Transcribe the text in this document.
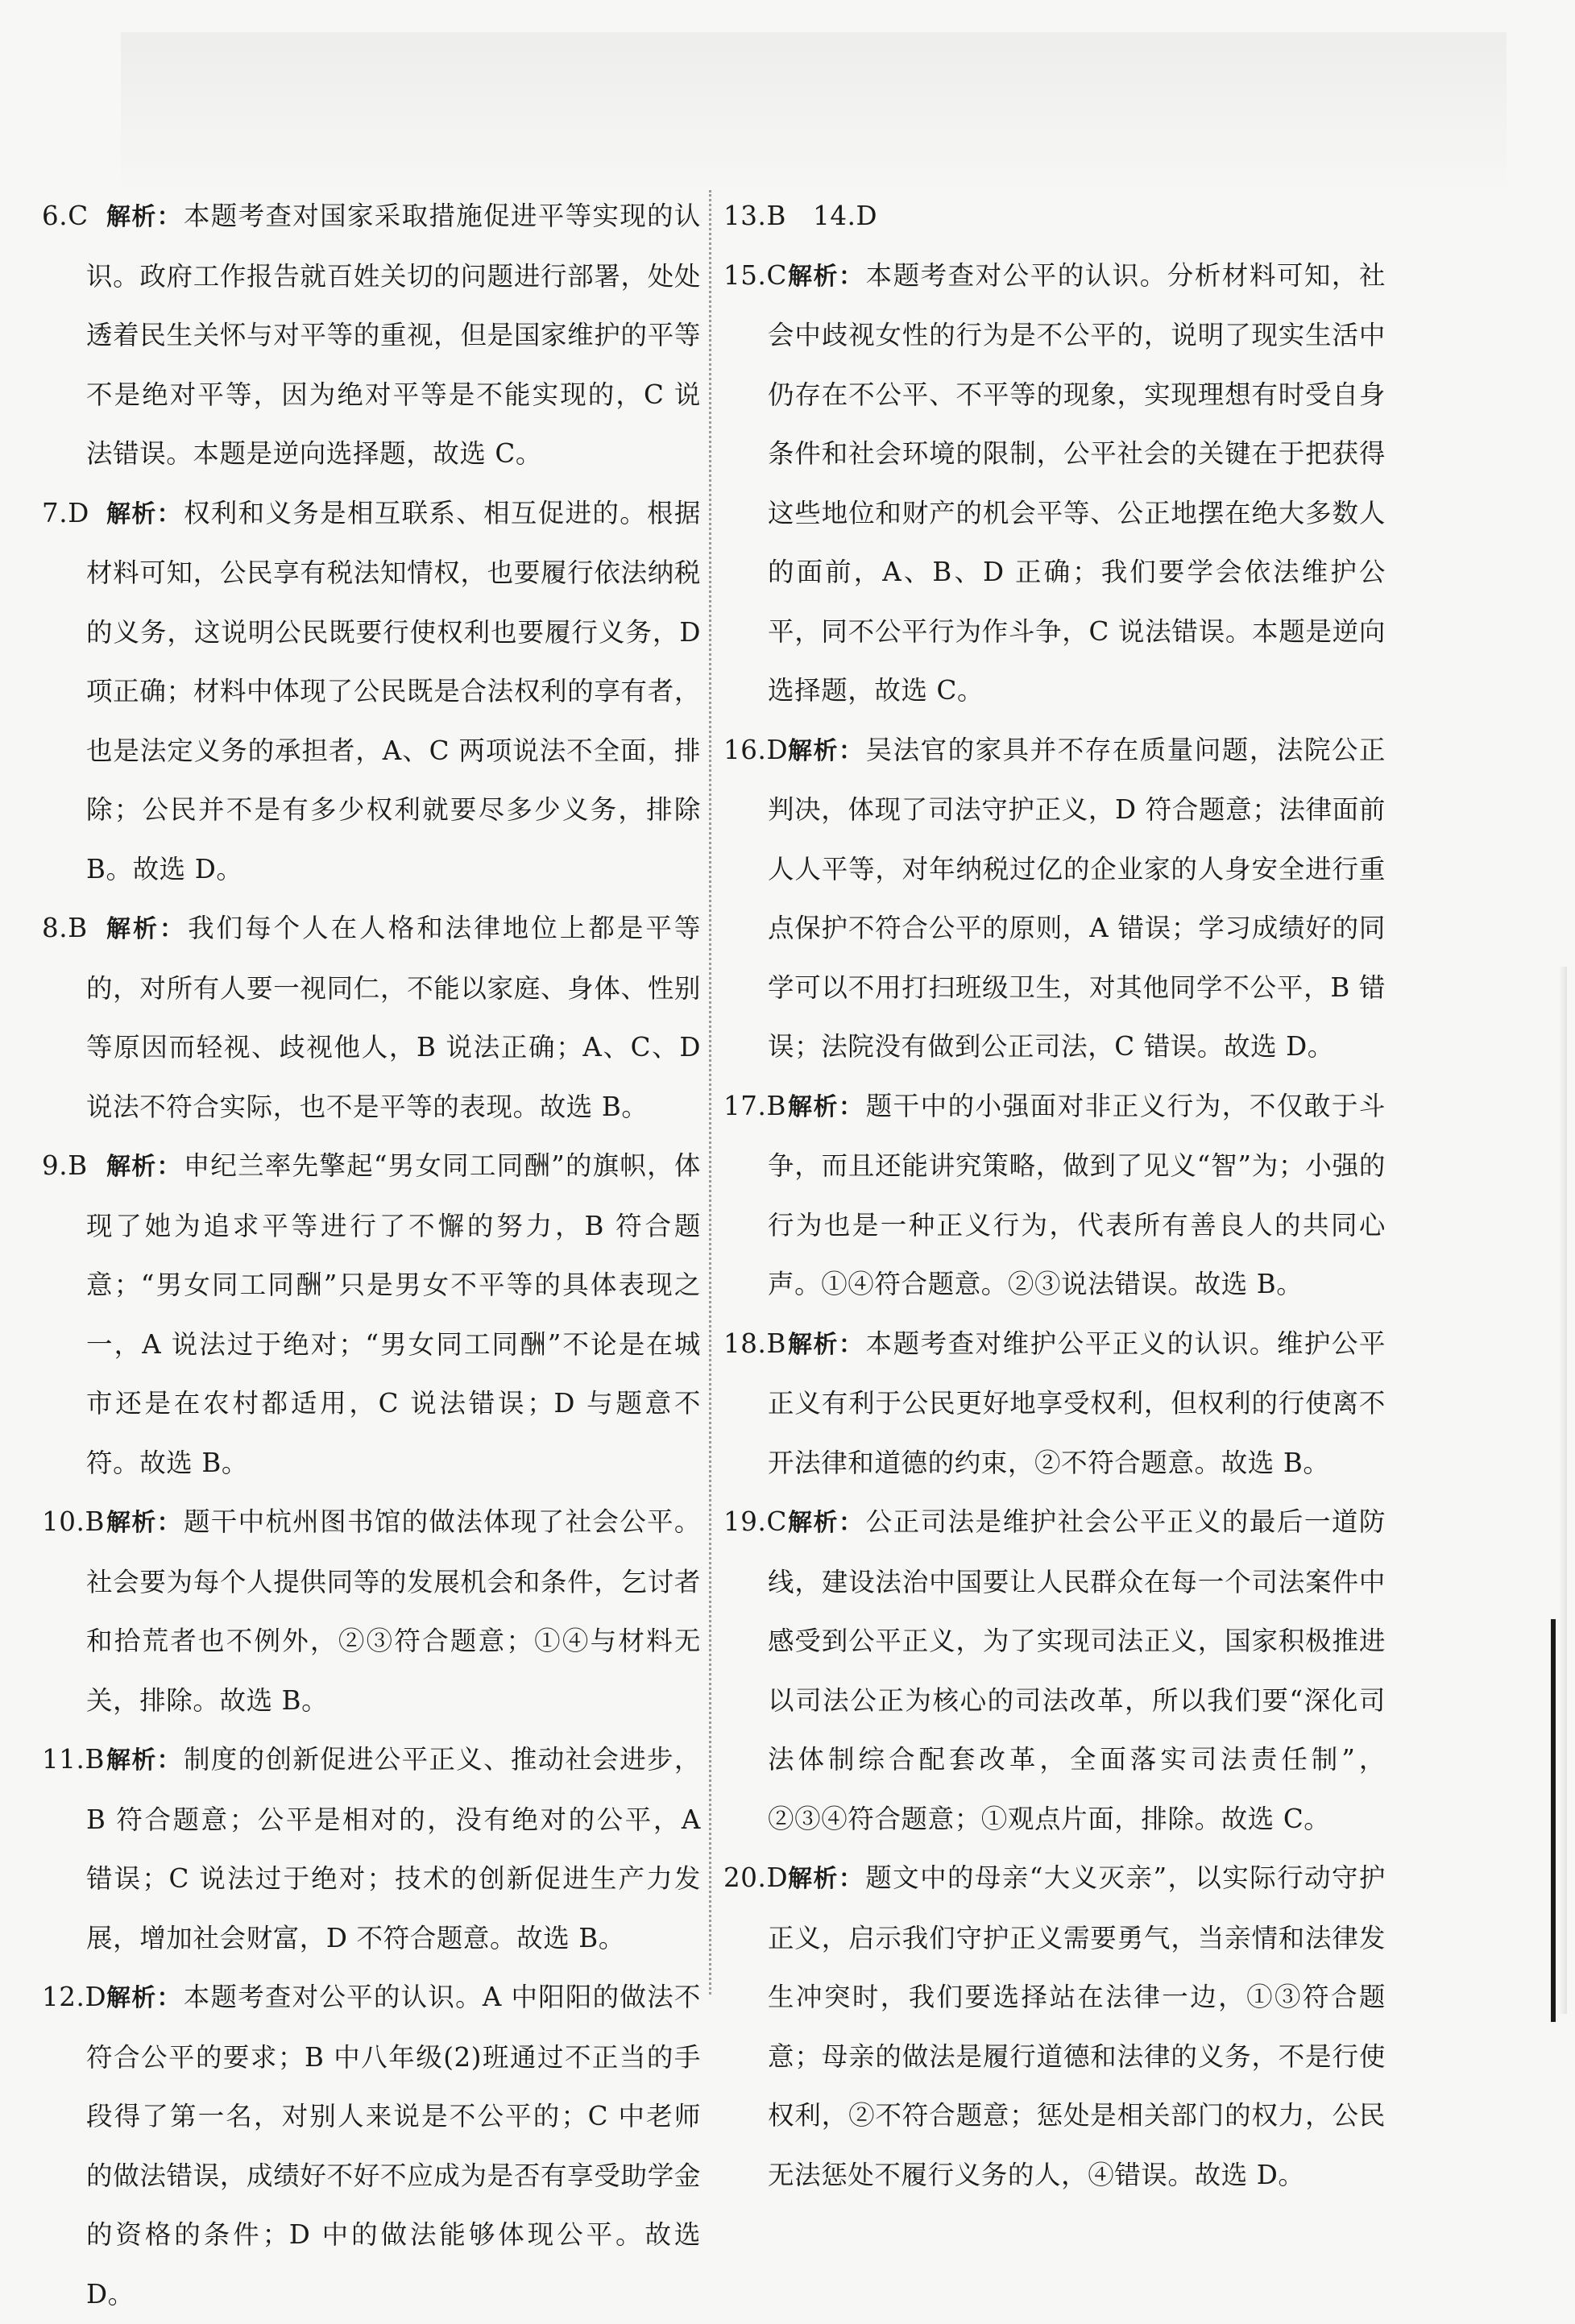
6.C 解析：本题考查对国家采取措施促进平等实现的认识。政府工作报告就百姓关切的问题进行部署，处处透着民生关怀与对平等的重视，但是国家维护的平等不是绝对平等，因为绝对平等是不能实现的，C 说法错误。本题是逆向选择题，故选 C。
7.D 解析：权利和义务是相互联系、相互促进的。根据材料可知，公民享有税法知情权，也要履行依法纳税的义务，这说明公民既要行使权利也要履行义务，D 项正确；材料中体现了公民既是合法权利的享有者，也是法定义务的承担者，A、C 两项说法不全面，排除；公民并不是有多少权利就要尽多少义务，排除 B。故选 D。
8.B 解析：我们每个人在人格和法律地位上都是平等的，对所有人要一视同仁，不能以家庭、身体、性别等原因而轻视、歧视他人，B 说法正确；A、C、D 说法不符合实际，也不是平等的表现。故选 B。
9.B 解析：申纪兰率先擎起“男女同工同酬”的旗帜，体现了她为追求平等进行了不懈的努力，B 符合题意；“男女同工同酬”只是男女不平等的具体表现之一，A 说法过于绝对；“男女同工同酬”不论是在城市还是在农村都适用，C 说法错误；D 与题意不符。故选 B。
10.B 解析：题干中杭州图书馆的做法体现了社会公平。社会要为每个人提供同等的发展机会和条件，乞讨者和拾荒者也不例外，②③符合题意；①④与材料无关，排除。故选 B。
11.B 解析：制度的创新促进公平正义、推动社会进步，B 符合题意；公平是相对的，没有绝对的公平，A 错误；C 说法过于绝对；技术的创新促进生产力发展，增加社会财富，D 不符合题意。故选 B。
12.D 解析：本题考查对公平的认识。A 中阳阳的做法不符合公平的要求；B 中八年级(2)班通过不正当的手段得了第一名，对别人来说是不公平的；C 中老师的做法错误，成绩好不好不应成为是否有享受助学金的资格的条件；D 中的做法能够体现公平。故选 D。
13.B　14.D
15.C 解析：本题考查对公平的认识。分析材料可知，社会中歧视女性的行为是不公平的，说明了现实生活中仍存在不公平、不平等的现象，实现理想有时受自身条件和社会环境的限制，公平社会的关键在于把获得这些地位和财产的机会平等、公正地摆在绝大多数人的面前，A、B、D 正确；我们要学会依法维护公平，同不公平行为作斗争，C 说法错误。本题是逆向选择题，故选 C。
16.D 解析：吴法官的家具并不存在质量问题，法院公正判决，体现了司法守护正义，D 符合题意；法律面前人人平等，对年纳税过亿的企业家的人身安全进行重点保护不符合公平的原则，A 错误；学习成绩好的同学可以不用打扫班级卫生，对其他同学不公平，B 错误；法院没有做到公正司法，C 错误。故选 D。
17.B 解析：题干中的小强面对非正义行为，不仅敢于斗争，而且还能讲究策略，做到了见义“智”为；小强的行为也是一种正义行为，代表所有善良人的共同心声。①④符合题意。②③说法错误。故选 B。
18.B 解析：本题考查对维护公平正义的认识。维护公平正义有利于公民更好地享受权利，但权利的行使离不开法律和道德的约束，②不符合题意。故选 B。
19.C 解析：公正司法是维护社会公平正义的最后一道防线，建设法治中国要让人民群众在每一个司法案件中感受到公平正义，为了实现司法正义，国家积极推进以司法公正为核心的司法改革，所以我们要“深化司法体制综合配套改革，全面落实司法责任制”，②③④符合题意；①观点片面，排除。故选 C。
20.D 解析：题文中的母亲“大义灭亲”，以实际行动守护正义，启示我们守护正义需要勇气，当亲情和法律发生冲突时，我们要选择站在法律一边，①③符合题意；母亲的做法是履行道德和法律的义务，不是行使权利，②不符合题意；惩处是相关部门的权力，公民无法惩处不履行义务的人，④错误。故选 D。
